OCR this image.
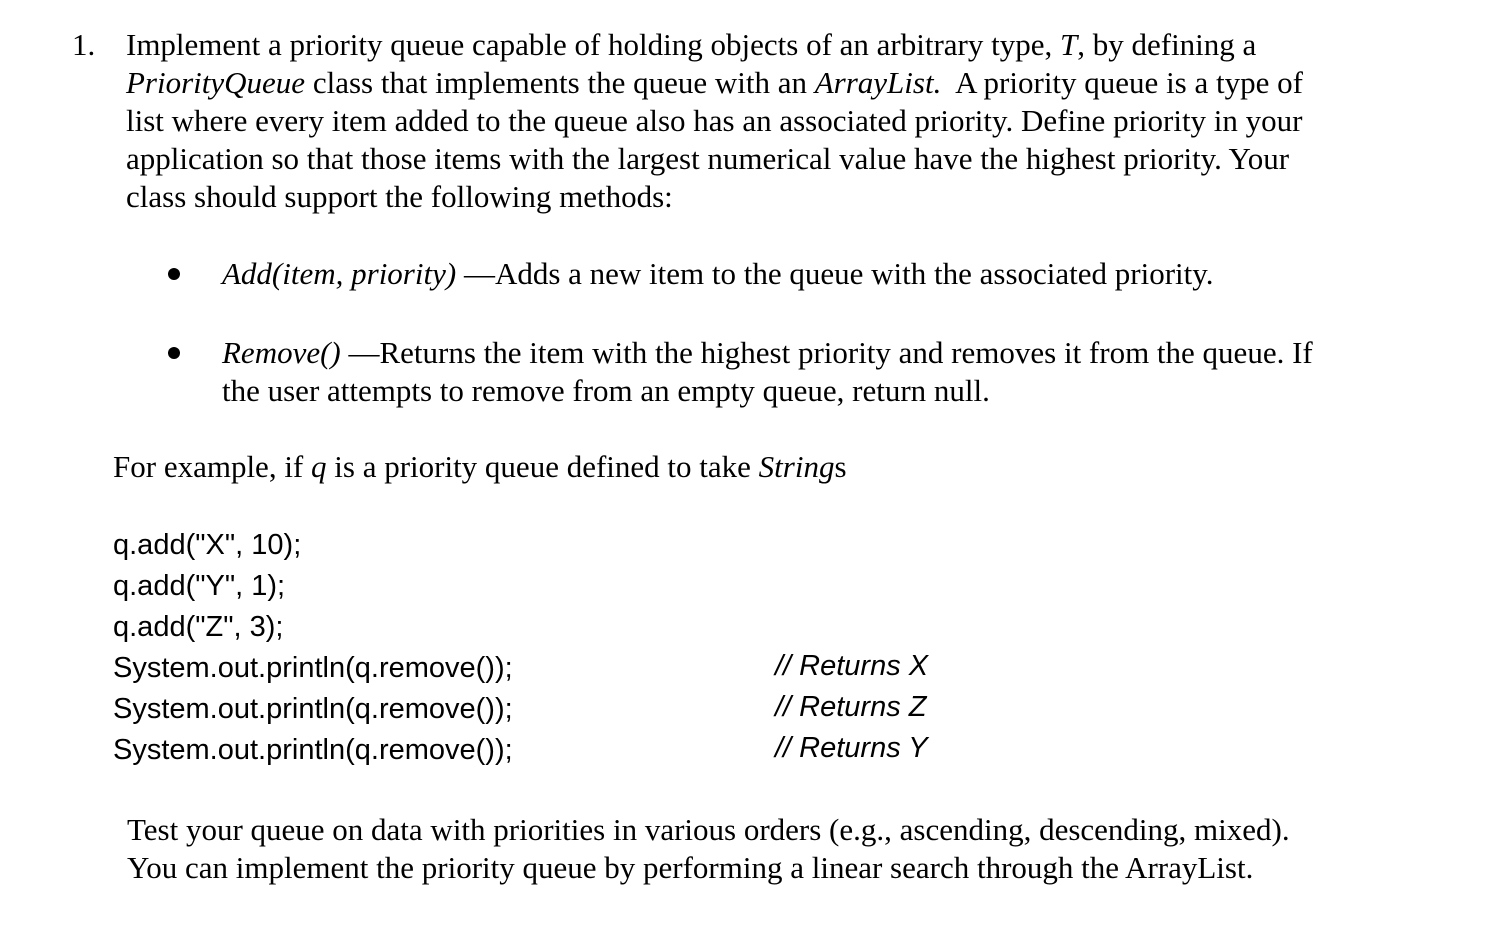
1. Implement a priority queue capable of holding objects of an arbitrary type, T, by defining a
PriorityQueue class that implements the queue with an ArrayList.  A priority queue is a type of
list where every item added to the queue also has an associated priority. Define priority in your
application so that those items with the largest numerical value have the highest priority. Your
class should support the following methods:
Add(item, priority) —Adds a new item to the queue with the associated priority.
Remove() —Returns the item with the highest priority and removes it from the queue. If
the user attempts to remove from an empty queue, return null.
For example, if q is a priority queue defined to take Strings
q.add("X", 10);
q.add("Y", 1);
q.add("Z", 3);
System.out.println(q.remove());
System.out.println(q.remove());
System.out.println(q.remove());
// Returns X
// Returns Z
// Returns Y
Test your queue on data with priorities in various orders (e.g., ascending, descending, mixed).
You can implement the priority queue by performing a linear search through the ArrayList.
